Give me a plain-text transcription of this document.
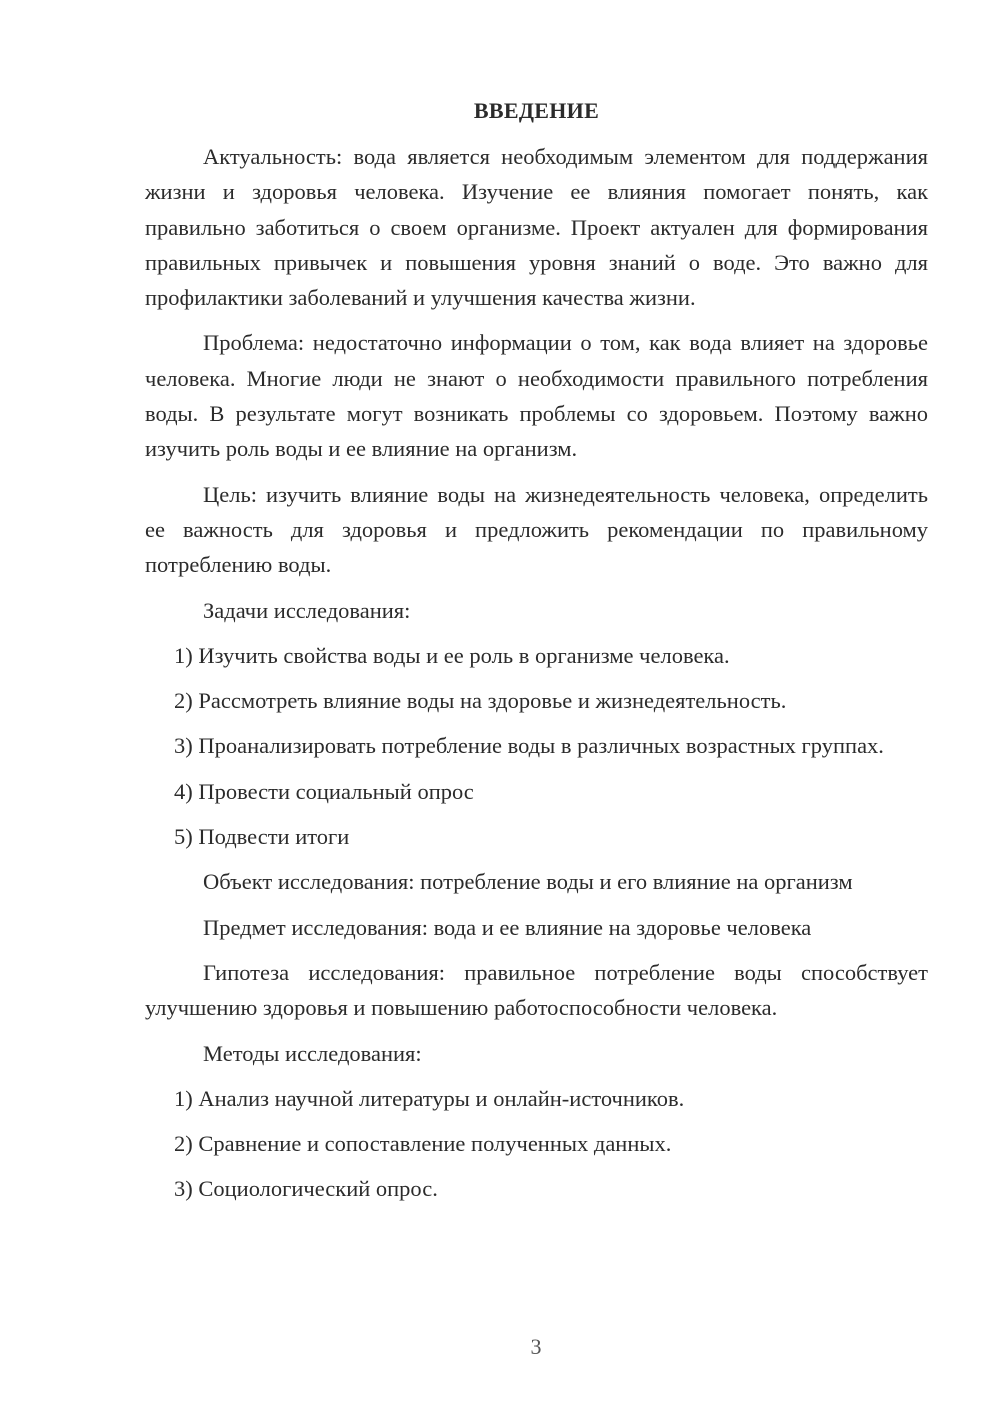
ВВЕДЕНИЕ

Актуальность: вода является необходимым элементом для поддержания жизни и здоровья человека. Изучение ее влияния помогает понять, как правильно заботиться о своем организме. Проект актуален для формирования правильных привычек и повышения уровня знаний о воде. Это важно для профилактики заболеваний и улучшения качества жизни.

Проблема: недостаточно информации о том, как вода влияет на здоровье человека. Многие люди не знают о необходимости правильного потребления воды. В результате могут возникать проблемы со здоровьем. Поэтому важно изучить роль воды и ее влияние на организм.

Цель: изучить влияние воды на жизнедеятельность человека, определить ее важность для здоровья и предложить рекомендации по правильному потреблению воды.

Задачи исследования:

1) Изучить свойства воды и ее роль в организме человека.

2) Рассмотреть влияние воды на здоровье и жизнедеятельность.

3) Проанализировать потребление воды в различных возрастных группах.

4) Провести социальный опрос

5) Подвести итоги

Объект исследования: потребление воды и его влияние на организм

Предмет исследования: вода и ее влияние на здоровье человека

Гипотеза исследования: правильное потребление воды способствует улучшению здоровья и повышению работоспособности человека.

Методы исследования:

1) Анализ научной литературы и онлайн-источников.

2) Сравнение и сопоставление полученных данных.

3) Социологический опрос.

3
